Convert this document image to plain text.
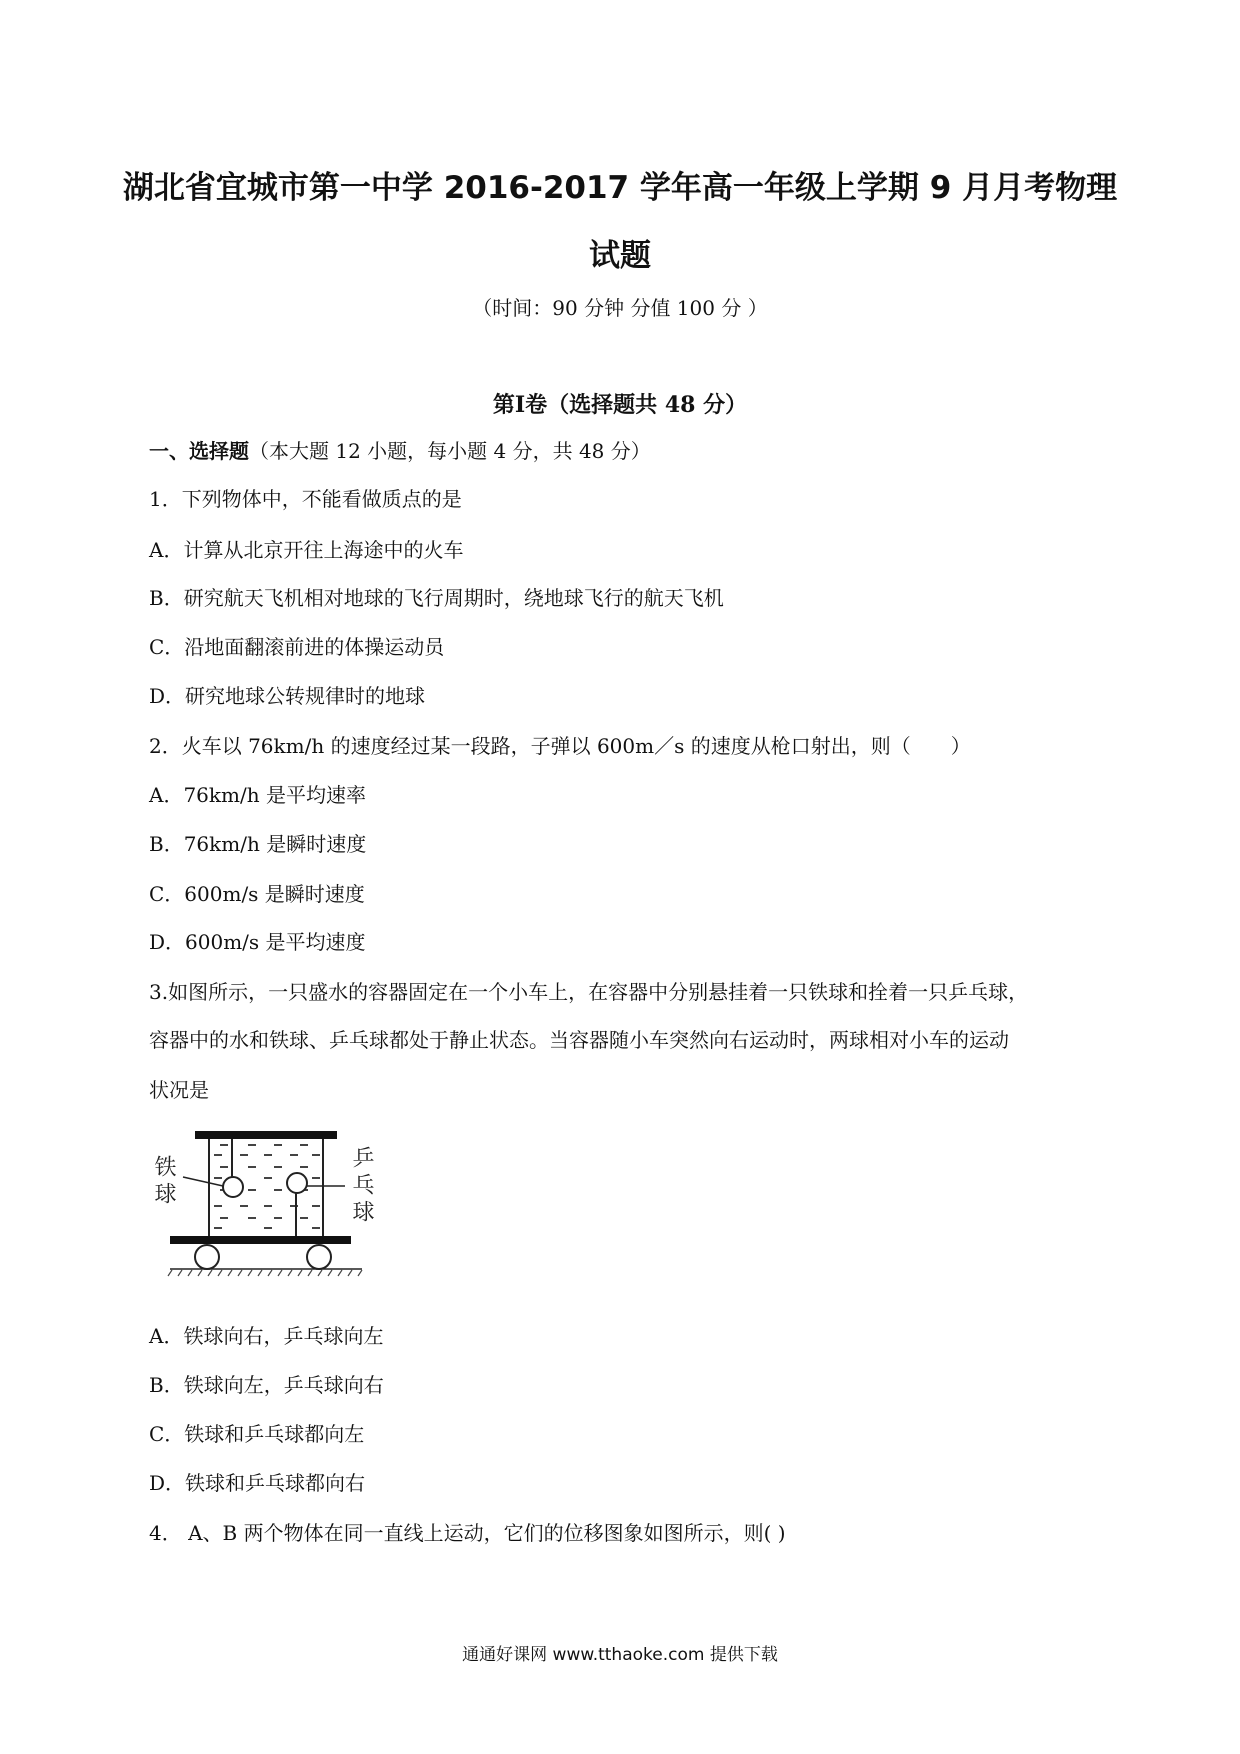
湖北省宜城市第一中学 2016-2017 学年高一年级上学期 9 月月考物理
试题
（时间：90 分钟 分值 100 分 ）
第Ⅰ卷（选择题共 48 分）
一、选择题（本大题 12 小题，每小题 4 分，共 48 分）
1．下列物体中，不能看做质点的是
A．计算从北京开往上海途中的火车
B．研究航天飞机相对地球的飞行周期时，绕地球飞行的航天飞机
C．沿地面翻滚前进的体操运动员
D．研究地球公转规律时的地球
2．火车以 76km/h 的速度经过某一段路，子弹以 600m／s 的速度从枪口射出，则（　　）
A．76km/h 是平均速率
B．76km/h 是瞬时速度
C．600m/s 是瞬时速度
D．600m/s 是平均速度
3.如图所示，一只盛水的容器固定在一个小车上，在容器中分别悬挂着一只铁球和拴着一只乒乓球，
容器中的水和铁球、乒乓球都处于静止状态。当容器随小车突然向右运动时，两球相对小车的运动
状况是
铁球	乒乓球
A．铁球向右，乒乓球向左
B．铁球向左，乒乓球向右
C．铁球和乒乓球都向左
D．铁球和乒乓球都向右
4． A、B 两个物体在同一直线上运动，它们的位移图象如图所示，则( )
通通好课网 www.tthaoke.com 提供下载
